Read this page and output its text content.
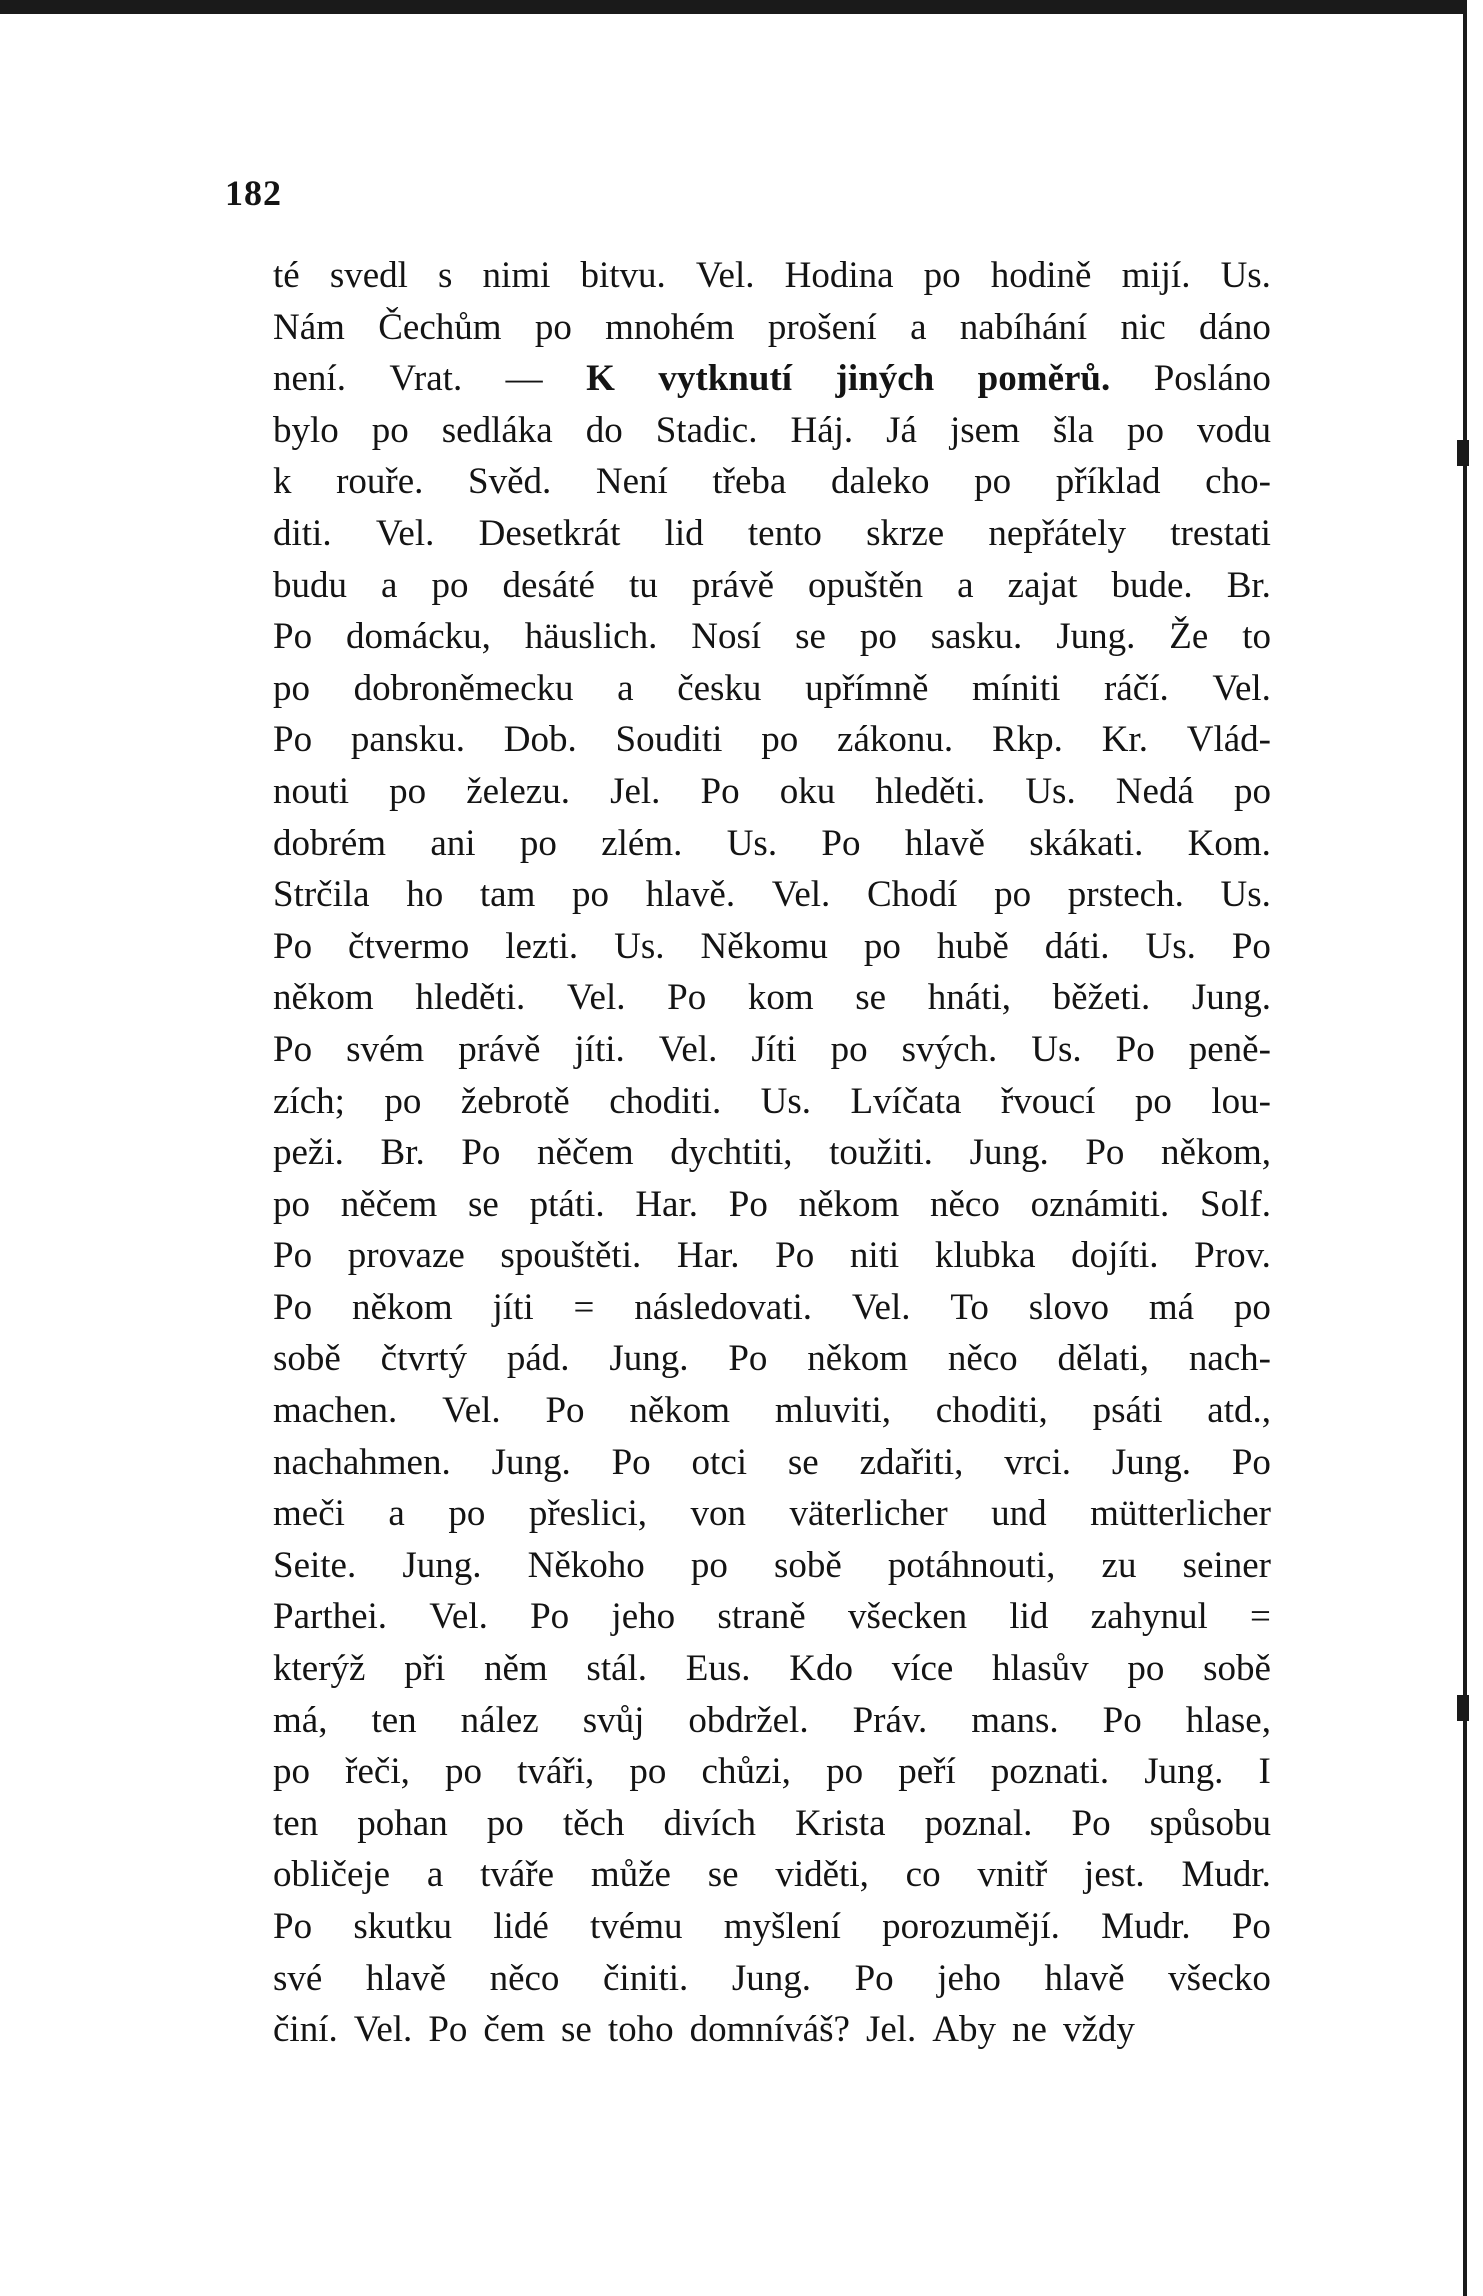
182
té svedl s nimi bitvu. Vel. Hodina po hodině mijí. Us.
Nám Čechům po mnohém prošení a nabíhání nic dáno
není. Vrat. — K vytknutí jiných poměrů. Posláno
bylo po sedláka do Stadic. Háj. Já jsem šla po vodu
k rouře. Svěd. Není třeba daleko po příklad cho-
diti. Vel. Desetkrát lid tento skrze nepřátely trestati
budu a po desáté tu právě opuštěn a zajat bude. Br.
Po domácku, häuslich. Nosí se po sasku. Jung. Že to
po dobroněmecku a česku upřímně míniti ráčí. Vel.
Po pansku. Dob. Souditi po zákonu. Rkp. Kr. Vlád-
nouti po železu. Jel. Po oku hleděti. Us. Nedá po
dobrém ani po zlém. Us. Po hlavě skákati. Kom.
Strčila ho tam po hlavě. Vel. Chodí po prstech. Us.
Po čtvermo lezti. Us. Někomu po hubě dáti. Us. Po
někom hleděti. Vel. Po kom se hnáti, běžeti. Jung.
Po svém právě jíti. Vel. Jíti po svých. Us. Po peně-
zích; po žebrotě choditi. Us. Lvíčata řvoucí po lou-
peži. Br. Po něčem dychtiti, toužiti. Jung. Po někom,
po něčem se ptáti. Har. Po někom něco oznámiti. Solf.
Po provaze spouštěti. Har. Po niti klubka dojíti. Prov.
Po někom jíti = následovati. Vel. To slovo má po
sobě čtvrtý pád. Jung. Po někom něco dělati, nach-
machen. Vel. Po někom mluviti, choditi, psáti atd.,
nachahmen. Jung. Po otci se zdařiti, vrci. Jung. Po
meči a po přeslici, von väterlicher und mütterlicher
Seite. Jung. Někoho po sobě potáhnouti, zu seiner
Parthei. Vel. Po jeho straně všecken lid zahynul =
kterýž při něm stál. Eus. Kdo více hlasův po sobě
má, ten nález svůj obdržel. Práv. mans. Po hlase,
po řeči, po tváři, po chůzi, po peří poznati. Jung. I
ten pohan po těch divích Krista poznal. Po spůsobu
obličeje a tváře může se viděti, co vnitř jest. Mudr.
Po skutku lidé tvému myšlení porozumějí. Mudr. Po
své hlavě něco činiti. Jung. Po jeho hlavě všecko
činí. Vel. Po čem se toho domníváš? Jel. Aby ne vždy
